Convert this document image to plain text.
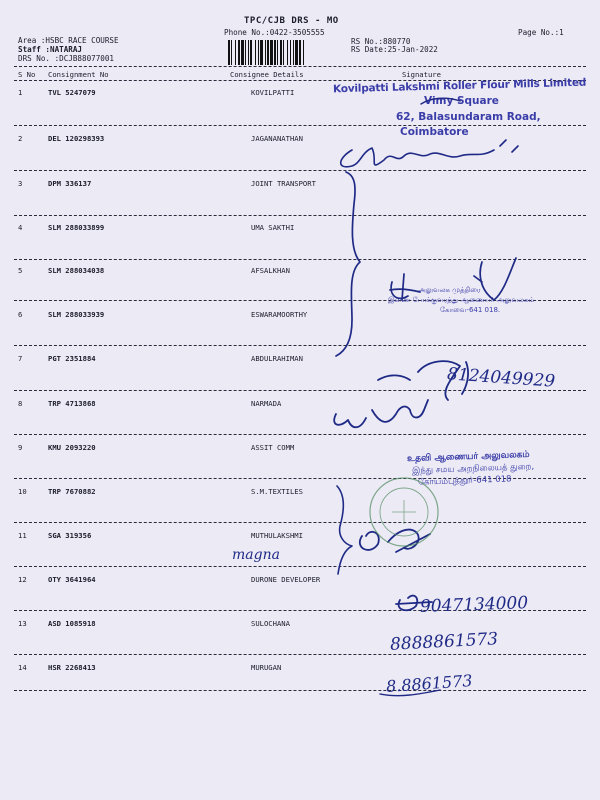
TPC/CJB DRS - MO
Phone No.:0422-3505555
Area :HSBC RACE COURSE
Staff :NATARAJ
DRS No. :DCJB88077001
RS No.:880770
RS Date:25-Jan-2022
Page No.:1
S No Consignment No	Consignee Details	Signature
1	TVL 5247079	KOVILPATTI
2	DEL 120298393	JAGANANATHAN
3	DPM 336137	JOINT TRANSPORT
4	SLM 288033899	UMA SAKTHI
5	SLM 288034038	AFSALKHAN
6	SLM 288033939	ESWARAMOORTHY
7	PGT 2351884	ABDULRAHIMAN
8	TRP 4713868	NARMADA
9	KMU 2093220	ASSIT COMM
10	TRP 7670882	S.M.TEXTILES
11	SGA 319356	MUTHULAKSHMI
12	OTY 3641964	DURONE DEVELOPER
13	ASD 1085918	SULOCHANA
14	HSR 2268413	MURUGAN
Kovilpatti Lakshmi Roller Flour Mills Limited
Vimy Square
62, Balasundaram Road,
Coimbatore
அலுவலக முத்திரை
இணை போக்குவரத்து ஆணையர் அலுவலகம்
கோவை-641 018.
உதவி ஆணையர் அலுவலகம்
இந்து சமய அறநிலையத் துறை,
கோயம்புத்தூர்-641 018
8124049929
magna
9047134000
8888861573
8.8861573
